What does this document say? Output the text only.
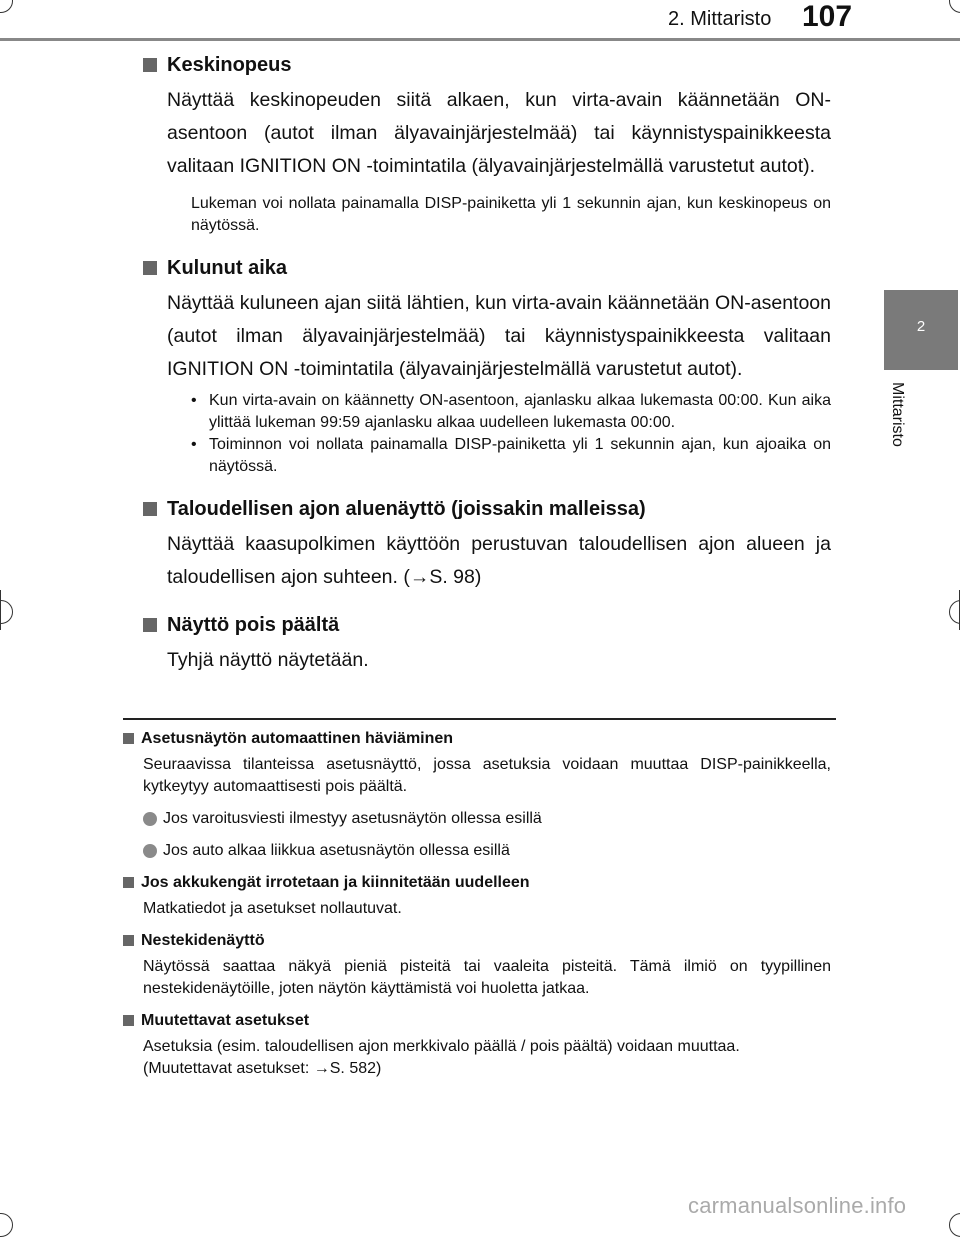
2. Mittaristo 107
2
Mittaristo
Keskinopeus

Näyttää keskinopeuden siitä alkaen, kun virta-avain käännetään ON-asentoon (autot ilman älyavainjärjestelmää) tai käynnistyspainikkeesta valitaan IGNITION ON -toimintatila (älyavainjärjestelmällä varustetut autot).

Lukeman voi nollata painamalla DISP-painiketta yli 1 sekunnin ajan, kun keskinopeus on näytössä.

Kulunut aika

Näyttää kuluneen ajan siitä lähtien, kun virta-avain käännetään ON-asentoon (autot ilman älyavainjärjestelmää) tai käynnistyspainikkeesta valitaan IGNITION ON -toimintatila (älyavainjärjestelmällä varustetut autot).

• Kun virta-avain on käännetty ON-asentoon, ajanlasku alkaa lukemasta 00:00. Kun aika ylittää lukeman 99:59 ajanlasku alkaa uudelleen lukemasta 00:00.
• Toiminnon voi nollata painamalla DISP-painiketta yli 1 sekunnin ajan, kun ajoaika on näytössä.
Taloudellisen ajon aluenäyttö (joissakin malleissa)

Näyttää kaasupolkimen käyttöön perustuvan taloudellisen ajon alueen ja taloudellisen ajon suhteen. (→S. 98)

Näyttö pois päältä

Tyhjä näyttö näytetään.

Asetusnäytön automaattinen häviäminen

Seuraavissa tilanteissa asetusnäyttö, jossa asetuksia voidaan muuttaa DISP-painikkeella, kytkeytyy automaattisesti pois päältä.

Jos varoitusviesti ilmestyy asetusnäytön ollessa esillä
Jos auto alkaa liikkua asetusnäytön ollessa esillä
Jos akkukengät irrotetaan ja kiinnitetään uudelleen

Matkatiedot ja asetukset nollautuvat.

Nestekidenäyttö

Näytössä saattaa näkyä pieniä pisteitä tai vaaleita pisteitä. Tämä ilmiö on tyypillinen nestekidenäytöille, joten näytön käyttämistä voi huoletta jatkaa.

Muutettavat asetukset

Asetuksia (esim. taloudellisen ajon merkkivalo päällä / pois päältä) voidaan muuttaa.

(Muutettavat asetukset: →S. 582)

carmanualsonline.info
